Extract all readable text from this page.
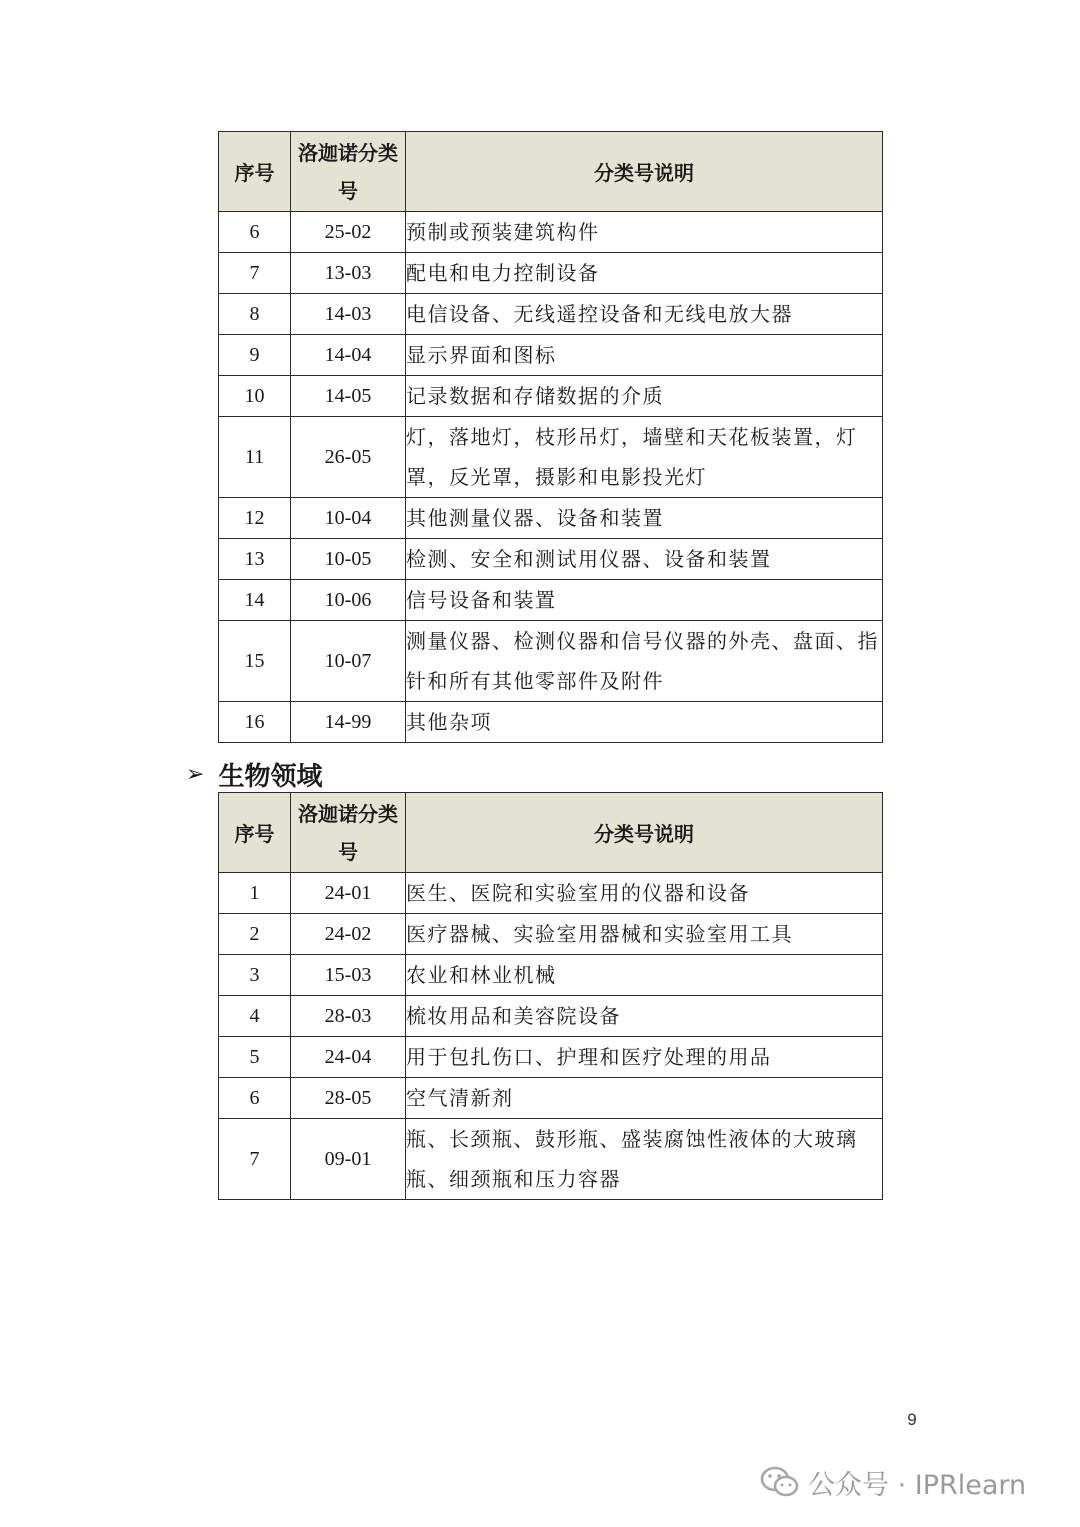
序号	洛迦诺分类号	分类号说明
6	25-02	预制或预装建筑构件
7	13-03	配电和电力控制设备
8	14-03	电信设备、无线遥控设备和无线电放大器
9	14-04	显示界面和图标
10	14-05	记录数据和存储数据的介质
11	26-05	灯，落地灯，枝形吊灯，墙壁和天花板装置，灯罩，反光罩，摄影和电影投光灯
12	10-04	其他测量仪器、设备和装置
13	10-05	检测、安全和测试用仪器、设备和装置
14	10-06	信号设备和装置
15	10-07	测量仪器、检测仪器和信号仪器的外壳、盘面、指针和所有其他零部件及附件
16	14-99	其他杂项
➢ 生物领域
序号	洛迦诺分类号	分类号说明
1	24-01	医生、医院和实验室用的仪器和设备
2	24-02	医疗器械、实验室用器械和实验室用工具
3	15-03	农业和林业机械
4	28-03	梳妆用品和美容院设备
5	24-04	用于包扎伤口、护理和医疗处理的用品
6	28-05	空气清新剂
7	09-01	瓶、长颈瓶、鼓形瓶、盛装腐蚀性液体的大玻璃瓶、细颈瓶和压力容器
9
公众号 · IPRlearn
